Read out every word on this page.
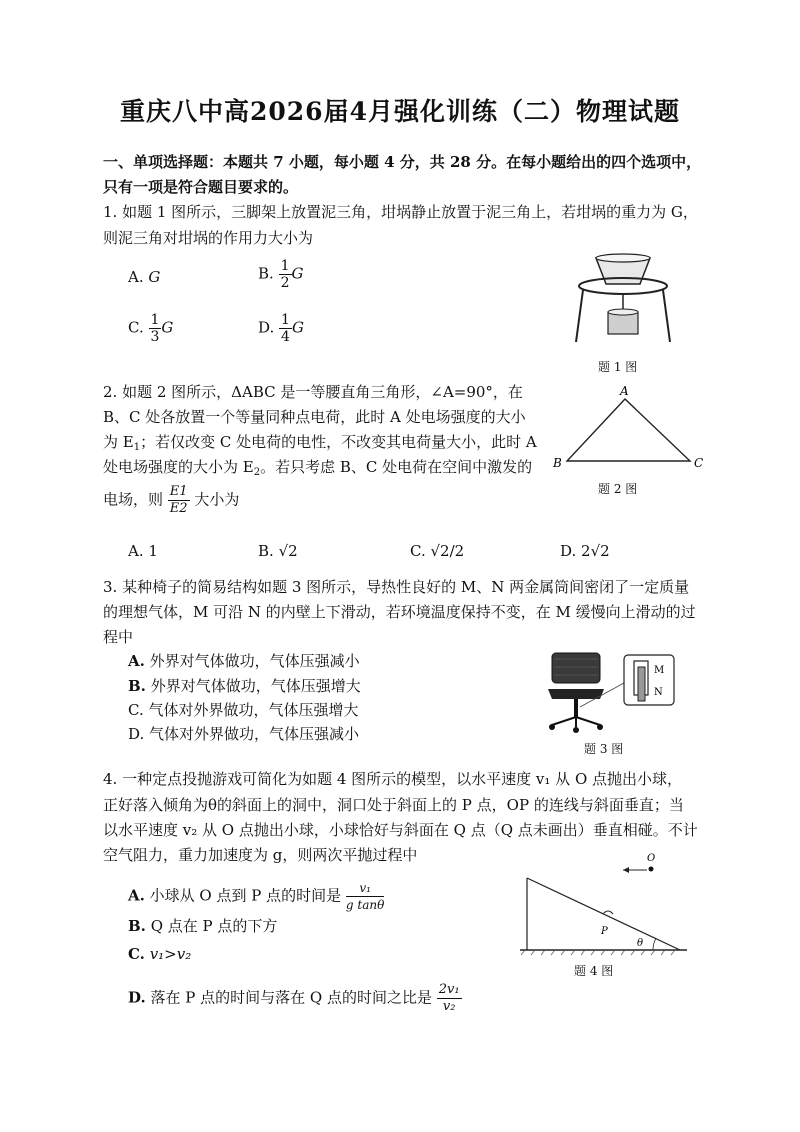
重庆八中高2026届4月强化训练（二）物理试题
一、单项选择题：本题共 7 小题，每小题 4 分，共 28 分。在每小题给出的四个选项中，
只有一项是符合题目要求的。
1. 如题 1 图所示，三脚架上放置泥三角，坩埚静止放置于泥三角上，若坩埚的重力为 G，
则泥三角对坩埚的作用力大小为
A. G	B. $\frac{1}{2}$ G
C. $\frac{1}{3}$ G	D. $\frac{1}{4}$ G
题 1 图
2. 如题 2 图所示，ΔABC 是一等腰直角三角形，∠A=90°，在
B、C 处各放置一个等量同种点电荷，此时 A 处电场强度的大小
为 $E_1$；若仅改变 C 处电荷的电性，不改变其电荷量大小，此时 A
处电场强度的大小为 $E_2$。若只考虑 B、C 处电荷在空间中激发的
电场，则 $\frac{E1}{E2}$ 大小为
A. 1	B. √2	C. √2/2	D. 2√2
A
B	C
题 2 图
3. 某种椅子的简易结构如题 3 图所示，导热性良好的 M、N 两金属筒间密闭了一定质量
的理想气体，M 可沿 N 的内壁上下滑动，若环境温度保持不变，在 M 缓慢向上滑动的过
程中
A. 外界对气体做功，气体压强减小
B. 外界对气体做功，气体压强增大
C. 气体对外界做功，气体压强增大
D. 气体对外界做功，气体压强减小
M
N
题 3 图
4. 一种定点投抛游戏可简化为如题 4 图所示的模型，以水平速度 v₁ 从 O 点抛出小球，
正好落入倾角为θ的斜面上的洞中，洞口处于斜面上的 P 点，OP 的连线与斜面垂直；当
以水平速度 v₂ 从 O 点抛出小球，小球恰好与斜面在 Q 点（Q 点未画出）垂直相碰。不计
空气阻力，重力加速度为 g，则两次平抛过程中
A. 小球从 O 点到 P 点的时间是 $\frac{\text{v₁}}{\text{g tanθ}}$
B. Q 点在 P 点的下方
C. v₁>v₂
D. 落在 P 点的时间与落在 Q 点的时间之比是 $\frac{\text{2v₁}}{\text{v₂}}$
O
P
θ
题 4 图
